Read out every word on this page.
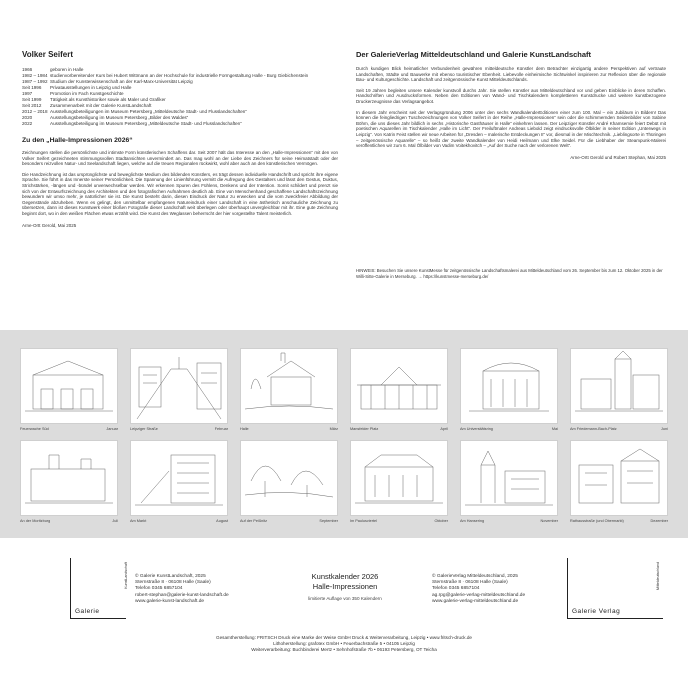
Volker Seifert
1966	geboren in Halle
1982 – 1984 studienvorbereitender Kurs bei Hubert Wittmann an der Hochschule für industrielle Formgestaltung Halle - Burg Giebichenstein
1987 – 1992 Studium der Kunsterwissenschaft an der Karl-Marx-Universität Leipzig
Seit 1996	Privatausstellungen in Leipzig und Halle
1997	Promotion im Fach Kunstgeschichte
Seit 1999	Tätigkeit als Kunsthistoriker sowie als Maler und Grafiker
Seit 2012	Zusammenarbeit mit der Galerie KunstLandschaft
2012 – 2018 Ausstellungsbeteiligungen im Museum Petersberg „Mitteldeutsche Stadt- und Flusslandschaften“
2020	Ausstellungsbeteiligung im Museum Petersberg „Bilder des Waldes“
2022	Ausstellungsbeteiligung im Museum Petersberg „Mitteldeutsche Stadt- und Flusslandschaften“
Zu den „Halle-Impressionen 2026“

Zeichnungen stellen die persönlichste und intimste Form künstlerischen Schaffens dar. Seit 2007 hält das Interesse an den „Halle-Impressionen“ mit den von Volker Seifert gezeichneten stimmungsvollen Stadtansichten unvermindert an. Das mag wohl an der Liebe des Zeichners für seine Heimatstadt oder der besonders reizvollen Natur- und Seelandschaft liegen, welche auf die treuen Regionalen rückwirkt, wohl aber auch an den künstlerischen Vermögen.

Die Handzeichnung ist das ursprünglichste und beweglichste Medium des bildenden Künstlers, es trägt dessen individuelle Handschrift und spricht ihre eigene Sprache. Sie führt in das Innerste seiner Persönlichkeit. Die Spannung der Linienführung vermitt die Aufregung des Gestalters und lässt den Gestus, Duktus, Strichstärken, -längen und -bündel unverwechselbar werden. Wir erkennen Spuren des Fühlens, Denkens und der Intention. Somit schildert und prenzt sie sich von der Entwurfszeichnung des Architekten und den fotografischen Aufnahmen deutlich ab. Eine von Menschenhand geschaffene Landschaftszeichnung bewundern wir umso mehr, je natürlicher sie ist. Die Kunst besteht darin, diesen Eindruck der Natur zu erwecken und die vom zweckfreier Abbildung der Gegenstände abzuheben. Wenn es gelingt, den unmittelbar empfangenen Natureindruck einer Landschaft in eine ästhetisch anschauliche Zeichnung zu übersetzen, dann ist dieses Kunstwerk einer bloßen Fotografie dieser Landschaft weit überlegen oder überhaupt unvergleichbar mit ihr. Eine gute Zeichnung beginnt dort, wo in den weißen Flächen etwas erzählt wird. Die Kunst des Weglassen beherrscht der hier vorgestellte Talent meisterlich.

Arne-Ortt Gerold, Mai 2025
Der GalerieVerlag Mitteldeutschland und Galerie KunstLandschaft

Durch kundigen Blick heimatlicher Verbundenheit gewähren mitteldeutsche Künstler dem Betrachter einzigartig andere Perspektiven auf vertraute Landschaften, Städte und Bauwerke mit ebenso touristischer Ebenheit. Liebevolle einheimische Sichtwinkel inspirieren zur Reflexion über die regionale Bau- und Kulturgeschichte. Landschaft und zeitgenössische Kunst Mitteldeutschlands.

Seit 19 Jahren begleiten unsere Kalender kunstvoll durchs Jahr. Sie stellen Künstler aus Mitteldeutschland vor und geben Einblicke in deren Schaffen. Handschriften und Ausdrucksformen. Neben den Editionen von Wand- und Tischkalendern komplettieren Kunstdrucke und weitere kunstbezogene Druckerzeugnisse das Verlagsangebot.

In diesem Jahr erscheint seit der Verlagsgründung 2006 unter den sechs WandkalenderEditionen einer zum 100. Mal – ein Jubiläum in Bildern! Das können die feingliedrigen Tuschezeichnungen von Volker Seifert in der Reihe „Halle-Impressionen“ sein oder die schimmernden Seidenbilder von Sabine Böhm, die uns dieses Jahr bildlich in sechs „Historische Gasthäuser in Halle“ einkehren lassen. Der Leipziger Künstler André Khamsemie feiert Debüt mit poetischen Aquarellen im Tischkalender „Halle im Licht“. Der Freiluftmaler Andreas Liebold zeigt eindrucksvolle Ölbilder in seiner Edition „Unterwegs in Leipzig“. Von Katrin Feist stellen wir neue Arbeiten für „Dresden – malerische Entdeckungen II“ vor, diesmal in der Mischtechnik. „Lieblingsorte in Thüringen – zeitgenössische Aquarelle“ – so heißt der zweite Wandkalender von Heidi Heilmann und Elke Seidel. Für die Liebhaber der Steampunk-Malerei veröffentlichen wir zum 6. Mal Ölbilder von Vadim Voitekhovitch – „Auf der Suche nach der verlorenen Welt“.

Arne-Ortt Gerold und Robert Stephan, Mai 2025
HINWEIS: Besuchen Sie unsere KunstMesse für zeitgenössische Landschaftsmalerei aus Mitteldeutschland vom 26. September bis zum 12. Oktober 2025 in der Willi-Sitte-Galerie in Merseburg. → https://kunstmesse-merseburg.de/
Feuerwache Süd	Januar	Leipziger Straße	Februar	Halle	März	Mansfelder Platz	April	Am Universitätsring	Mai	Am Friedemann-Bach-Platz	Juni
An der Moritzburg	Juli	Am Markt	August	Auf der Peißnitz	September	Im Paulusviertel	Oktober	Am Hansering	November	Rathausstraße (und Obermarkt)	Dezember
Galerie
KunstLandschaft © Galerie KunstLandschaft, 2025
Sternstraße 8 · 06108 Halle (Saale)
Telefon 0345 6857104
robert-stephan@galerie-kunst-landschaft.de
www.galerie-kunst-landschaft.de
Kunstkalender 2026
Halle-Impressionen
limitierte Auflage von 350 Kalendern
© GalerieVerlag Mitteldeutschland, 2025
Sternstraße 8 · 06108 Halle (Saale)
Telefon 0345 6857104
ag.rpg@galerie-verlag-mitteldeutschland.de
www.galerie-verlag-mitteldeutschland.de
Galerie Verlag
Mitteldeutschland
Gesamtherstellung: FRITSCH Druck eine Marke der Weise GmbH Druck & Weiterverarbeitung, Leipzig • www.fritsch-druck.de
Lithoherstellung: grafotex GmbH • Feuerbachstraße 5 • 04105 Leipzig
Weiterverarbeitung: Buchbinderei Mertz • Sehnhofstraße 7b • 06193 Petersberg, OT Teicha
